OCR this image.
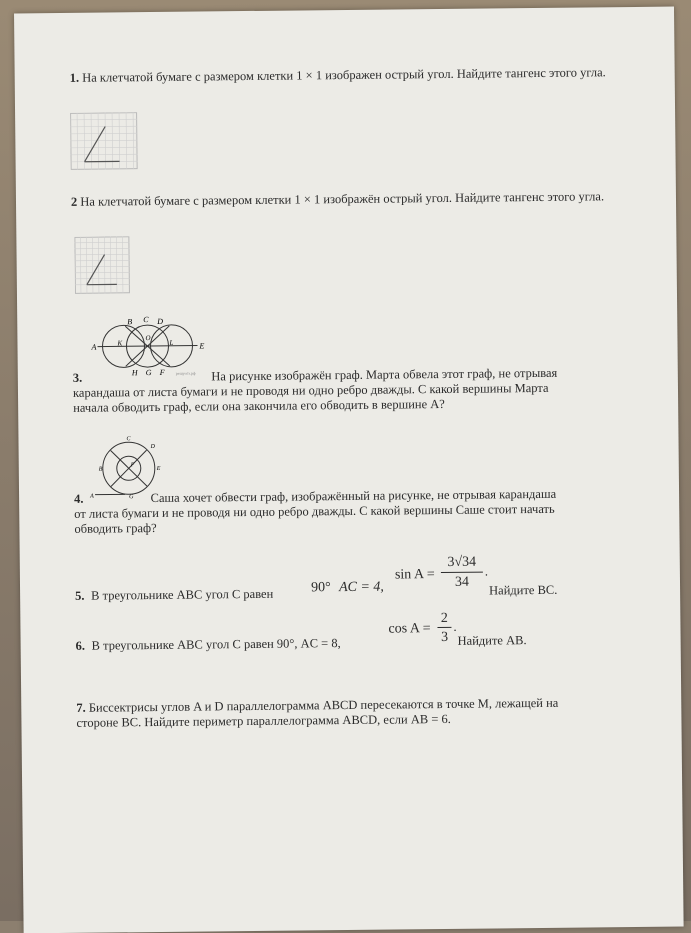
1. На клетчатой бумаге с размером клетки 1 × 1 изображен острый угол. Найдите тангенс этого угла.
2 На клетчатой бумаге с размером клетки 1 × 1 изображён острый угол. Найдите тангенс этого угла.
A
B C D
E
K
O
L
H G F	решуогэ.рф
3.	На рисунке изображён граф. Марта обвела этот граф, не отрывая
карандаша от листа бумаги и не проводя ни одно ребро дважды. С какой вершины Марта
начала обводить граф, если она закончила его обводить в вершине A?
A
B
C
D
E
F
G
4.	Саша хочет обвести граф, изображённый на рисунке, не отрывая карандаша
от листа бумаги и не проводя ни одно ребро дважды. С какой вершины Саше стоит начать
обводить граф?
5. В треугольнике ABC угол C равен	90° AC = 4,
sin A =
3√34
34
.
Найдите BC.
6. В треугольнике ABC угол C равен 90°, AC = 8,
cos A =
2
3
.
Найдите AB.
7. Биссектрисы углов A и D параллелограмма ABCD пересекаются в точке M, лежащей на
стороне BC. Найдите периметр параллелограмма ABCD, если AB = 6.
